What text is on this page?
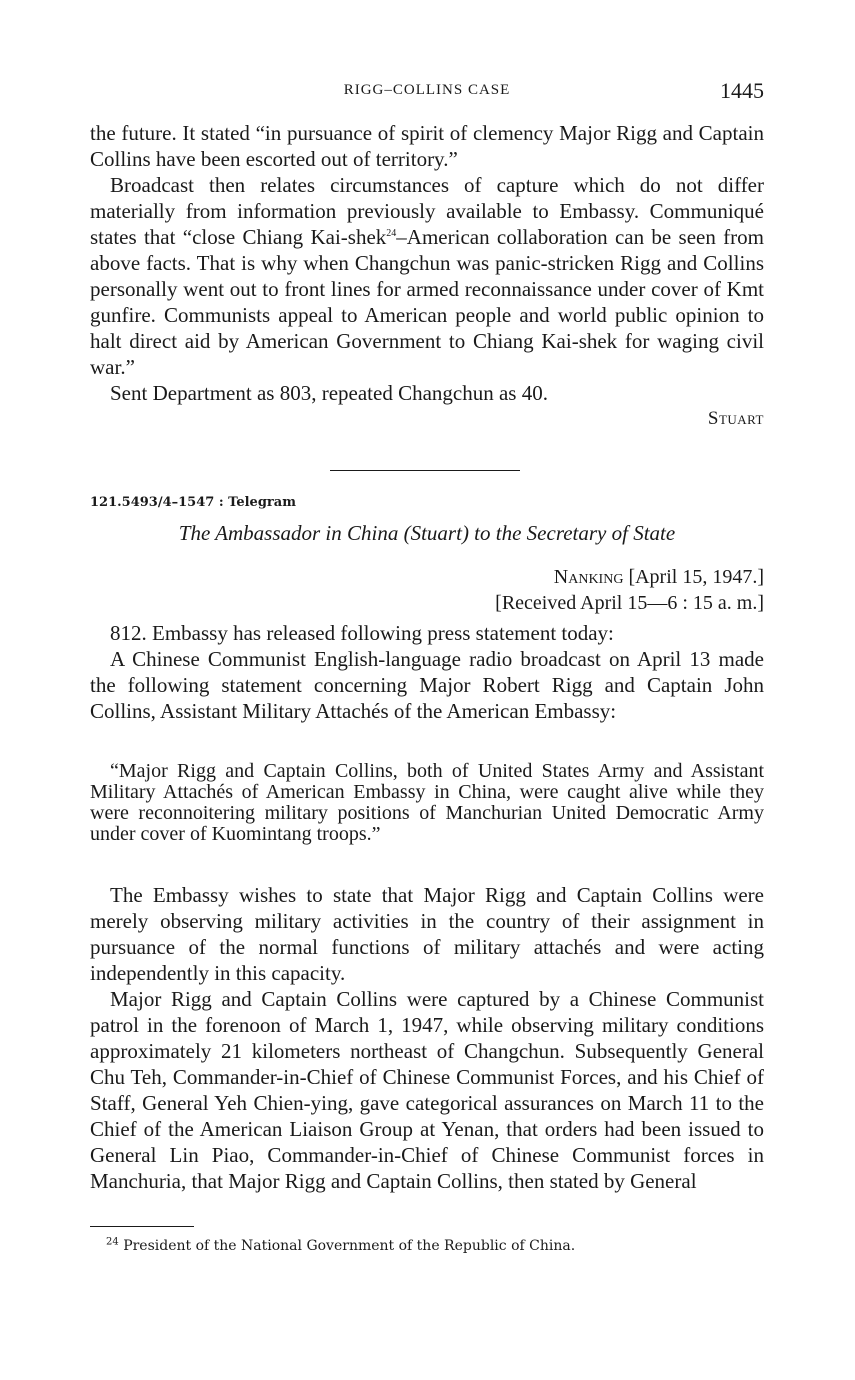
RIGG–COLLINS CASE	1445

the future. It stated “in pursuance of spirit of clemency Major Rigg and Captain Collins have been escorted out of territory.”

Broadcast then relates circumstances of capture which do not differ materially from information previously available to Embassy. Communiqué states that “close Chiang Kai-shek$^{24}$–American collaboration can be seen from above facts. That is why when Changchun was panic-stricken Rigg and Collins personally went out to front lines for armed reconnaissance under cover of Kmt gunfire. Communists appeal to American people and world public opinion to halt direct aid by American Government to Chiang Kai-shek for waging civil war.”

Sent Department as 803, repeated Changchun as 40.

Stuart

121.5493/4–1547 : Telegram
The Ambassador in China (Stuart) to the Secretary of State
Nanking [April 15, 1947.]
[Received April 15—6 : 15 a. m.]

812. Embassy has released following press statement today:

A Chinese Communist English-language radio broadcast on April 13 made the following statement concerning Major Robert Rigg and Captain John Collins, Assistant Military Attachés of the American Embassy:

“Major Rigg and Captain Collins, both of United States Army and Assistant Military Attachés of American Embassy in China, were caught alive while they were reconnoitering military positions of Manchurian United Democratic Army under cover of Kuomintang troops.”

The Embassy wishes to state that Major Rigg and Captain Collins were merely observing military activities in the country of their assignment in pursuance of the normal functions of military attachés and were acting independently in this capacity.

Major Rigg and Captain Collins were captured by a Chinese Communist patrol in the forenoon of March 1, 1947, while observing military conditions approximately 21 kilometers northeast of Changchun. Subsequently General Chu Teh, Commander-in-Chief of Chinese Communist Forces, and his Chief of Staff, General Yeh Chien-ying, gave categorical assurances on March 11 to the Chief of the American Liaison Group at Yenan, that orders had been issued to General Lin Piao, Commander-in-Chief of Chinese Communist forces in Manchuria, that Major Rigg and Captain Collins, then stated by General

$^{24}$ President of the National Government of the Republic of China.
